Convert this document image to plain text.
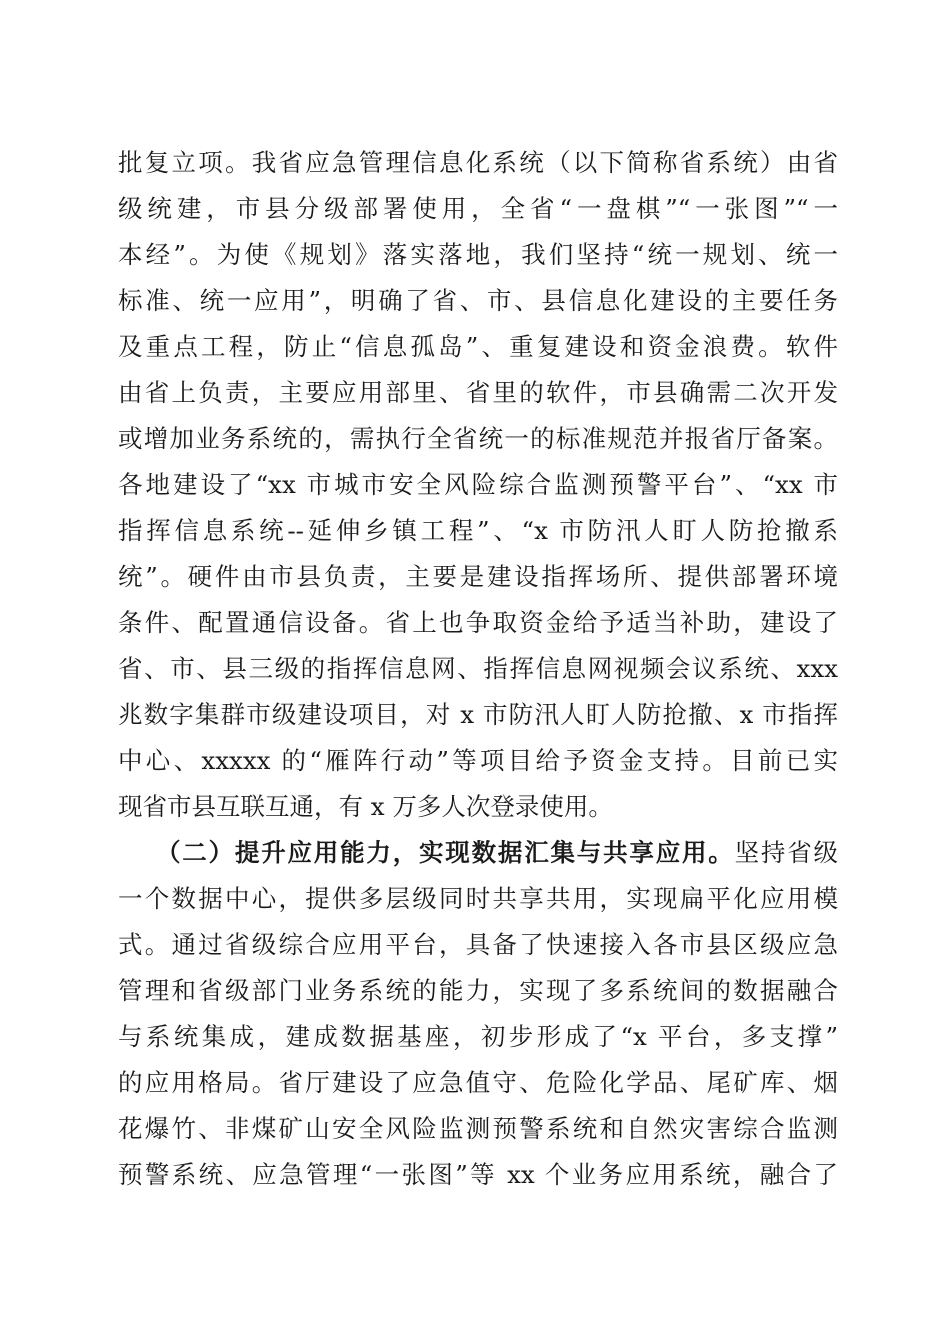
批复立项。我省应急管理信息化系统（以下简称省系统）由省
级统建，市县分级部署使用，全省“一盘棋”“一张图”“一
本经”。为使《规划》落实落地，我们坚持“统一规划、统一
标准、统一应用”，明确了省、市、县信息化建设的主要任务
及重点工程，防止“信息孤岛”、重复建设和资金浪费。软件
由省上负责，主要应用部里、省里的软件，市县确需二次开发
或增加业务系统的，需执行全省统一的标准规范并报省厅备案。
各地建设了“xx 市城市安全风险综合监测预警平台”、“xx 市
指挥信息系统--延伸乡镇工程”、“x 市防汛人盯人防抢撤系
统”。硬件由市县负责，主要是建设指挥场所、提供部署环境
条件、配置通信设备。省上也争取资金给予适当补助，建设了
省、市、县三级的指挥信息网、指挥信息网视频会议系统、xxx
兆数字集群市级建设项目，对 x 市防汛人盯人防抢撤、x 市指挥
中心、xxxxx 的“雁阵行动”等项目给予资金支持。目前已实
现省市县互联互通，有 x 万多人次登录使用。
（二）提升应用能力，实现数据汇集与共享应用。坚持省级
一个数据中心，提供多层级同时共享共用，实现扁平化应用模
式。通过省级综合应用平台，具备了快速接入各市县区级应急
管理和省级部门业务系统的能力，实现了多系统间的数据融合
与系统集成，建成数据基座，初步形成了“x 平台，多支撑”
的应用格局。省厅建设了应急值守、危险化学品、尾矿库、烟
花爆竹、非煤矿山安全风险监测预警系统和自然灾害综合监测
预警系统、应急管理“一张图”等 xx 个业务应用系统，融合了
